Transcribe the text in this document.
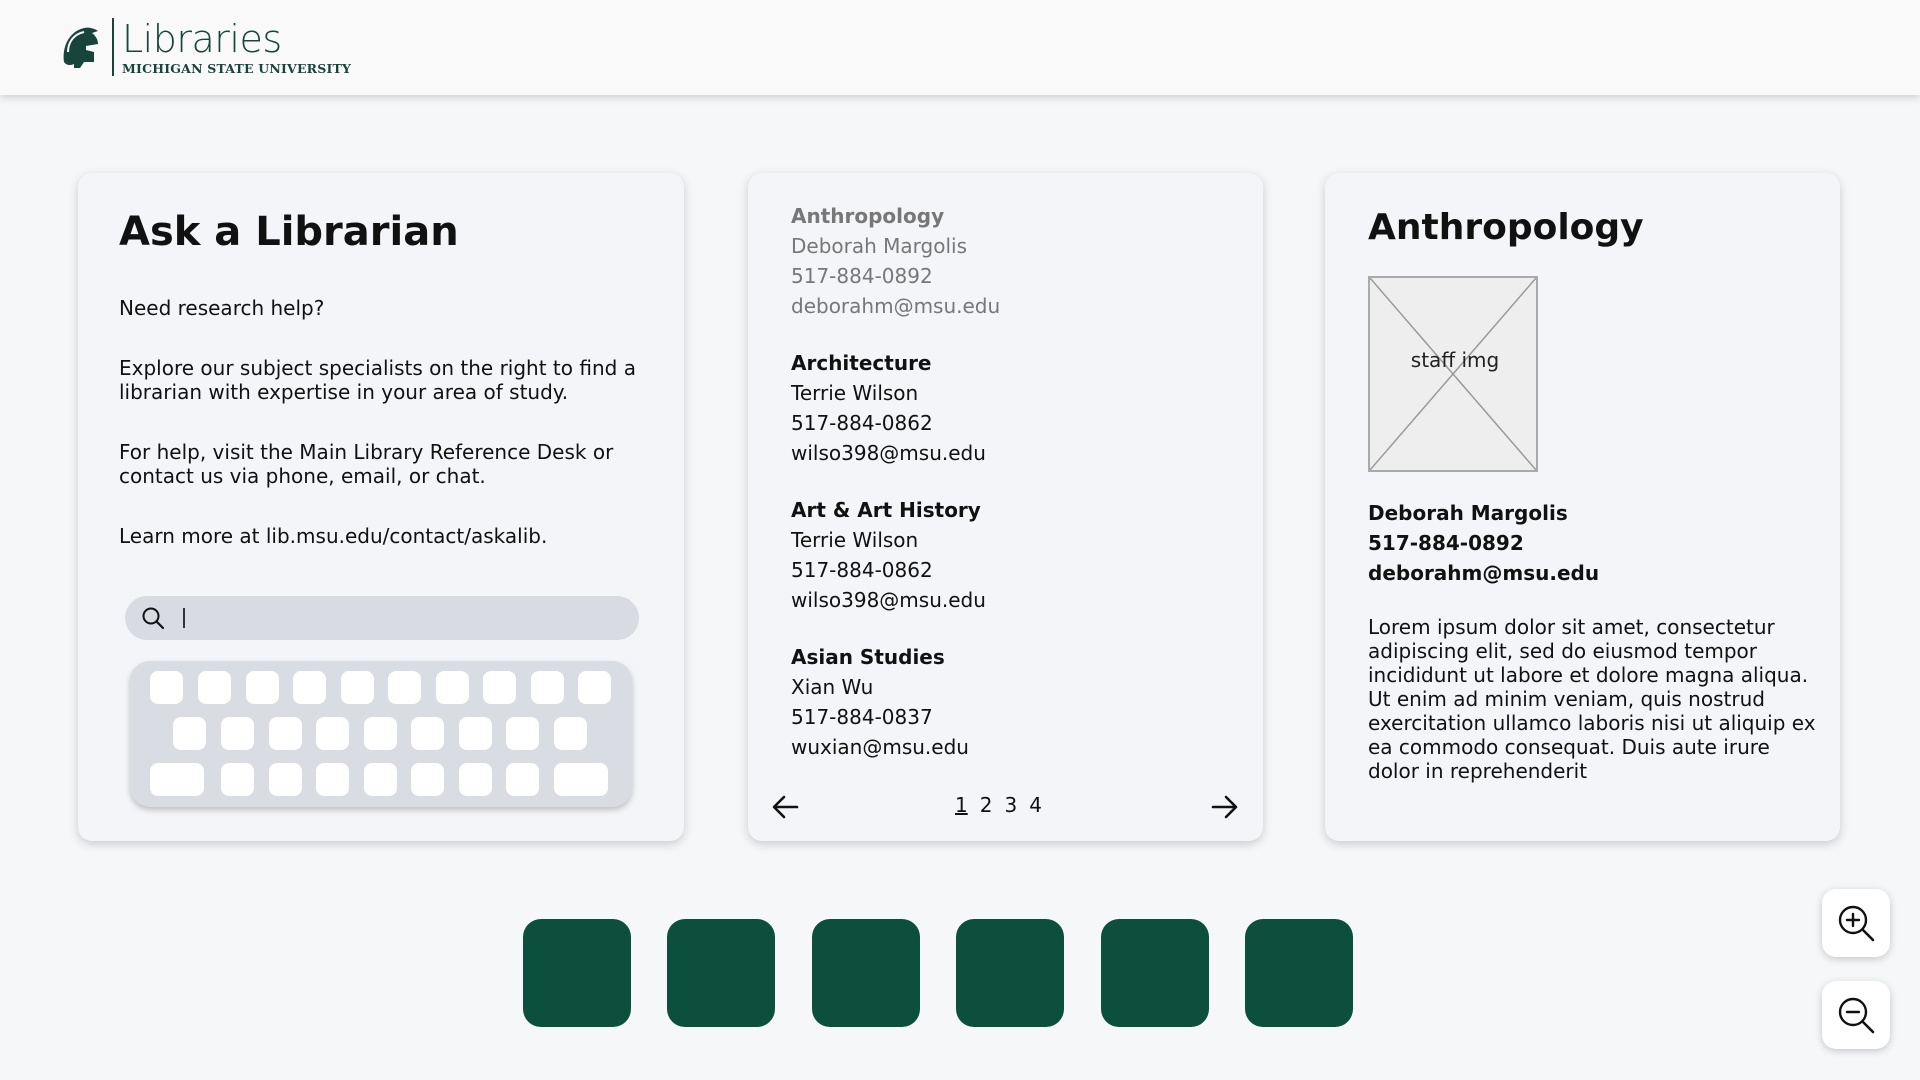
Libraries
MICHIGAN STATE UNIVERSITY
Ask a Librarian
Need research help?
Explore our subject specialists on the right to find a librarian with expertise in your area of study.
For help, visit the Main Library Reference Desk or contact us via phone, email, or chat.
Learn more at lib.msu.edu/contact/askalib.
Anthropology
Deborah Margolis
517-884-0892
deborahm@msu.edu
Architecture
Terrie Wilson
517-884-0862
wilso398@msu.edu
Art & Art History
Terrie Wilson
517-884-0862
wilso398@msu.edu
Asian Studies
Xian Wu
517-884-0837
wuxian@msu.edu
1 2 3 4
Anthropology
staff img
Deborah Margolis
517-884-0892
deborahm@msu.edu
Lorem ipsum dolor sit amet, consectetur adipiscing elit, sed do eiusmod tempor incididunt ut labore et dolore magna aliqua. Ut enim ad minim veniam, quis nostrud exercitation ullamco laboris nisi ut aliquip ex ea commodo consequat. Duis aute irure dolor in reprehenderit
